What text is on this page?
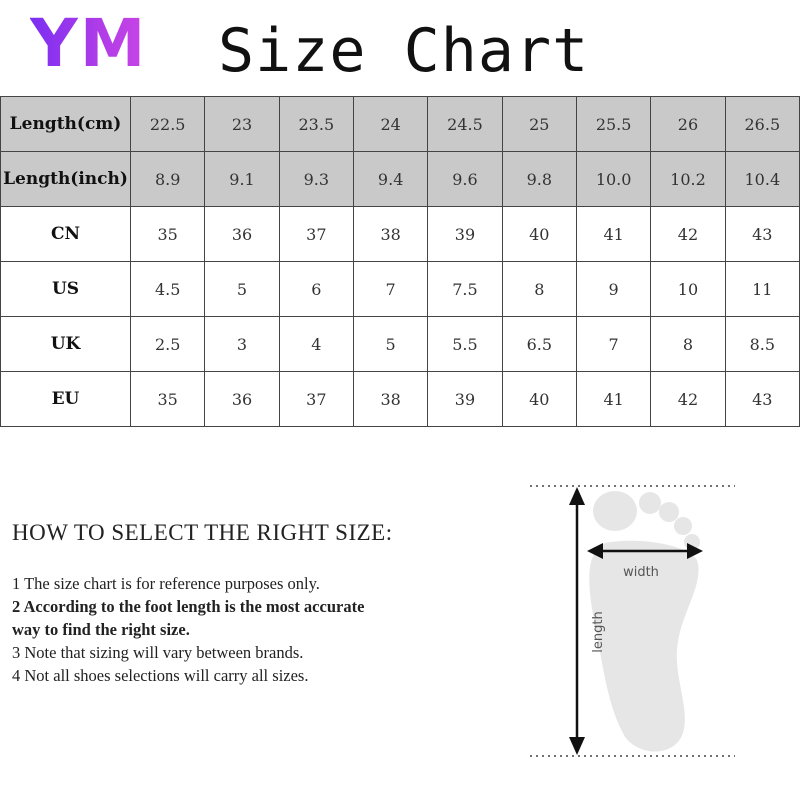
YM Size Chart
Length(cm)	22.5	23	23.5	24	24.5	25	25.5	26	26.5
Length(inch)	8.9	9.1	9.3	9.4	9.6	9.8	10.0	10.2	10.4
CN	35	36	37	38	39	40	41	42	43
US	4.5	5	6	7	7.5	8	9	10	11
UK	2.5	3	4	5	5.5	6.5	7	8	8.5
EU	35	36	37	38	39	40	41	42	43
HOW TO SELECT THE RIGHT SIZE:
1 The size chart is for reference purposes only.
2 According to the foot length is the most accurate way to find the right size.
3 Note that sizing will vary between brands.
4 Not all shoes selections will carry all sizes.
width
length
